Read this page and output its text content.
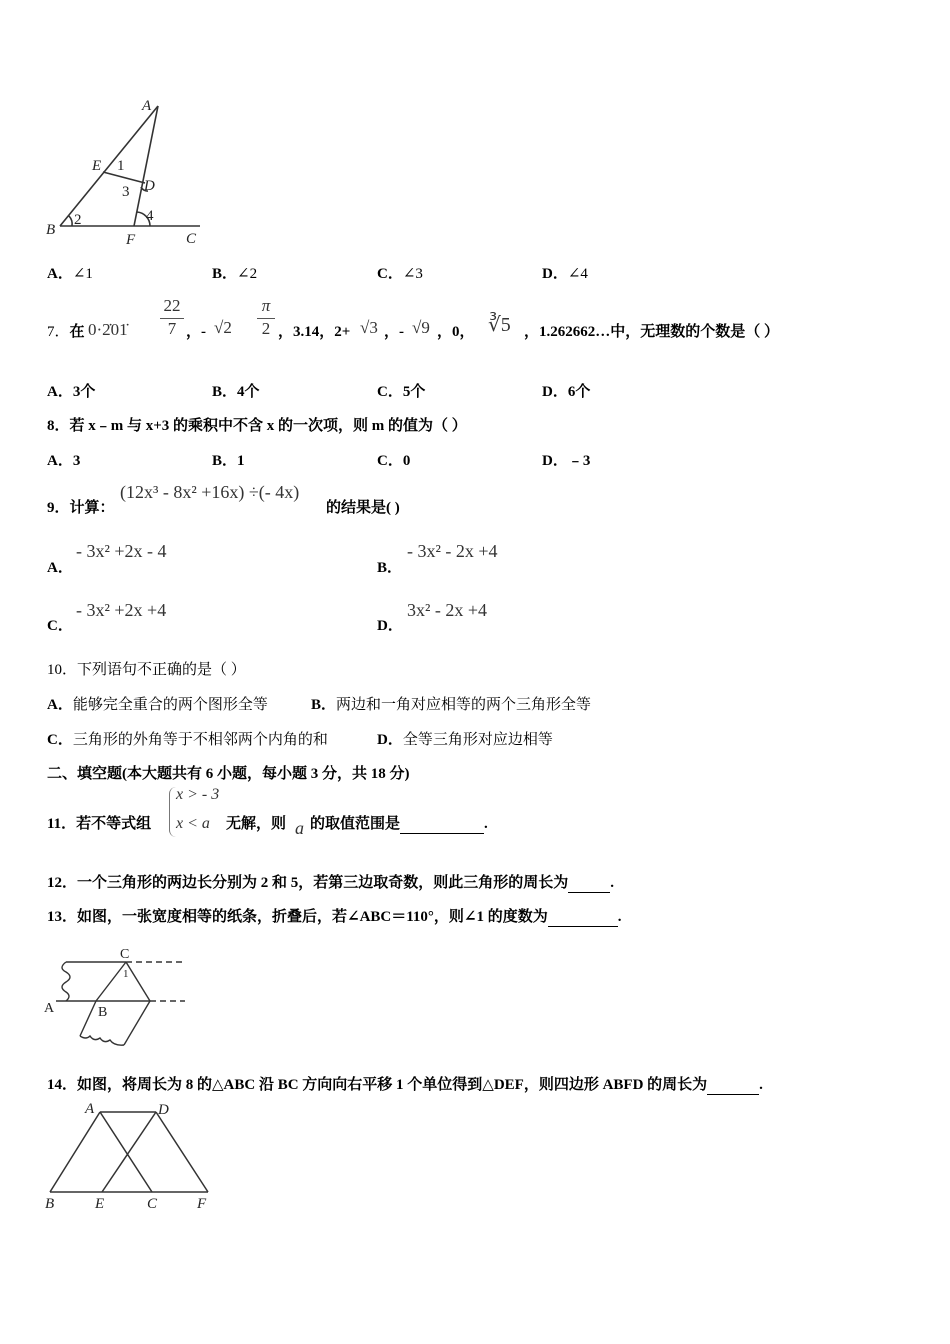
A
E 1
3 D
B
2
F
4
C
A．∠1	B．∠2	C．∠3	D．∠4
7．在 0·2̇01̇
22
7 ，- √2
π
2 ，3.14，2+ √3 ，- √9 ，0， ∛5 ，1.262662…中，无理数的个数是（ ）
A．3个	B．4个	C．5个	D．6个
8．若 x﹣m 与 x+3 的乘积中不含 x 的一次项，则 m 的值为（ ）
A．3	B．1	C．0	D．﹣3
9．计算：
(12x³ - 8x² +16x) ÷(- 4x)
的结果是( )
A．
- 3x² +2x - 4
B．
- 3x² - 2x +4
C．
- 3x² +2x +4
D．
3x² - 2x +4
10．下列语句不正确的是（ ）
A．能够完全重合的两个图形全等	B．两边和一角对应相等的两个三角形全等
C．三角形的外角等于不相邻两个内角的和	D．全等三角形对应边相等
二、填空题(本大题共有 6 小题，每小题 3 分，共 18 分)
11．若不等式组
x > - 3
x < a 无解，则 a 的取值范围是	.
12．一个三角形的两边长分别为 2 和 5，若第三边取奇数，则此三角形的周长为	.
13．如图，一张宽度相等的纸条，折叠后，若∠ABC＝110°，则∠1 的度数为	.
C
1
A	B
14．如图，将周长为 8 的△ABC 沿 BC 方向向右平移 1 个单位得到△DEF，则四边形 ABFD 的周长为	.
A	D
B	E	C	F
